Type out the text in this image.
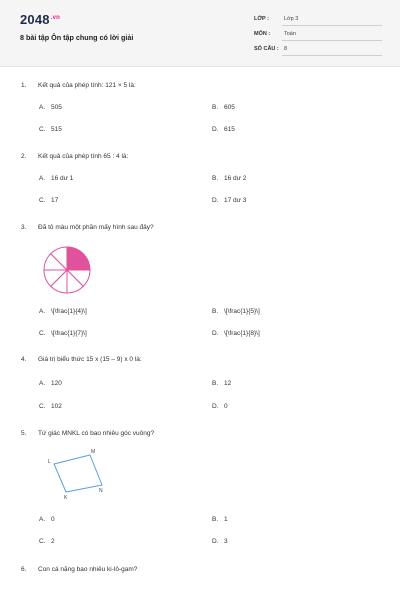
$2048^{.vn}$
8 bài tập Ôn tập chung có lời giải
LỚP :	Lớp 3
MÔN :	Toán
SỐ CÂU : 8
1. Kết quả của phép tính: 121 × 5 là:
A. 505	B. 605
C. 515	D. 615
2. Kết quả của phép tính 65 : 4 là:
A. 16 dư 1	B. 16 dư 2
C. 17	D. 17 dư 3
3. Đã tô màu một phần mấy hình sau đây?
A. \[\frac{1}{4}\]	B. \[\frac{1}{5}\]
C. \[\frac{1}{7}\]	D. \[\frac{1}{8}\]
4. Giá trị biểu thức 15 x (15 – 9) x 0 là:
A. 120	B. 12
C. 102	D. 0
5. Tứ giác MNKL có bao nhiêu góc vuông?
M
N
K
L
A. 0	B. 1
C. 2	D. 3
6. Con cá nặng bao nhiêu ki-lô-gam?
